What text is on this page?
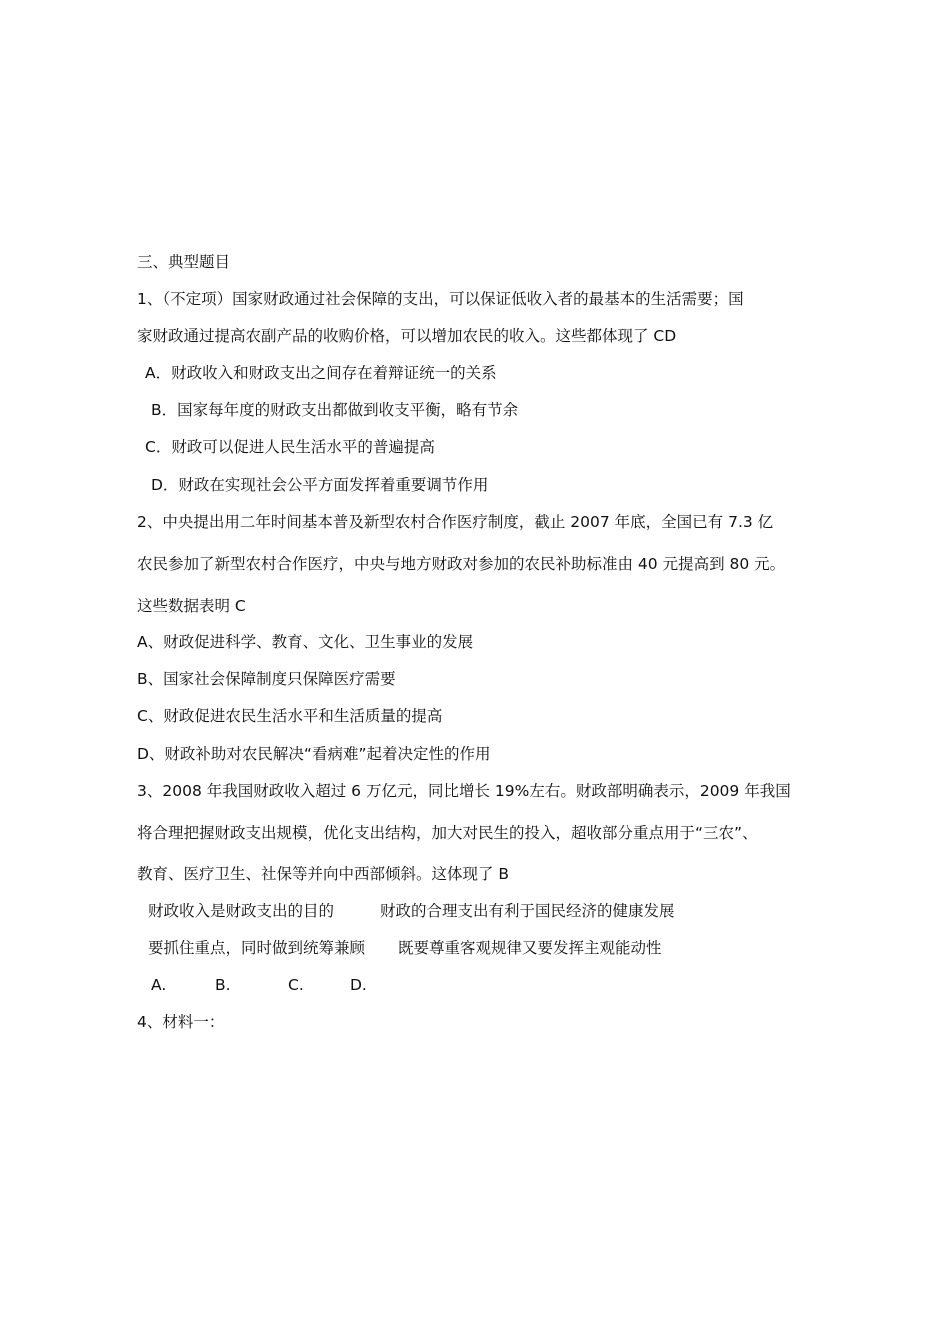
三、典型题目
1、（不定项）国家财政通过社会保障的支出，可以保证低收入者的最基本的生活需要；国
家财政通过提高农副产品的收购价格，可以增加农民的收入。这些都体现了 CD
A．财政收入和财政支出之间存在着辩证统一的关系
B．国家每年度的财政支出都做到收支平衡，略有节余
C．财政可以促进人民生活水平的普遍提高
D．财政在实现社会公平方面发挥着重要调节作用
2、中央提出用二年时间基本普及新型农村合作医疗制度，截止 2007 年底，全国已有 7.3 亿
农民参加了新型农村合作医疗，中央与地方财政对参加的农民补助标准由 40 元提高到 80 元。
这些数据表明 C
A、财政促进科学、教育、文化、卫生事业的发展
B、国家社会保障制度只保障医疗需要
C、财政促进农民生活水平和生活质量的提高
D、财政补助对农民解决“看病难”起着决定性的作用
3、2008 年我国财政收入超过 6 万亿元，同比增长 19%左右。财政部明确表示，2009 年我国
将合理把握财政支出规模，优化支出结构，加大对民生的投入，超收部分重点用于“三农”、
教育、医疗卫生、社保等并向中西部倾斜。这体现了 B
财政收入是财政支出的目的	财政的合理支出有利于国民经济的健康发展
要抓住重点，同时做到统筹兼顾 既要尊重客观规律又要发挥主观能动性
A.	B.	C.	D.
4、材料一：
